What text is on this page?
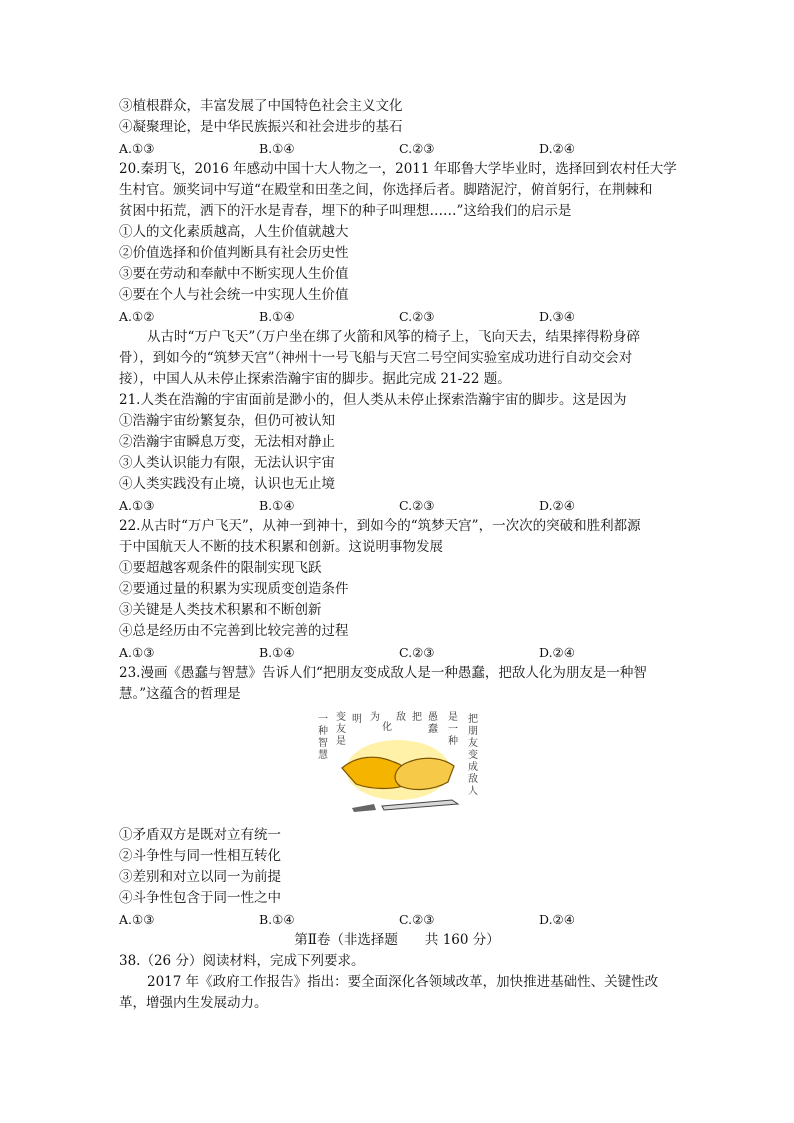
③植根群众，丰富发展了中国特色社会主义文化
④凝聚理论，是中华民族振兴和社会进步的基石
A.①③	B.①④	C.②③	D.②④
20.秦玥飞，2016 年感动中国十大人物之一，2011 年耶鲁大学毕业时，选择回到农村任大学
生村官。颁奖词中写道“在殿堂和田垄之间，你选择后者。脚踏泥泞，俯首躬行，在荆棘和
贫困中拓荒，洒下的汗水是青春，埋下的种子叫理想……”这给我们的启示是
①人的文化素质越高，人生价值就越大
②价值选择和价值判断具有社会历史性
③要在劳动和奉献中不断实现人生价值
④要在个人与社会统一中实现人生价值
A.①②	B.①④	C.②③	D.③④
从古时“万户飞天”（万户坐在绑了火箭和风筝的椅子上，飞向天去，结果摔得粉身碎
骨），到如今的“筑梦天宫”（神州十一号飞船与天宫二号空间实验室成功进行自动交会对
接），中国人从未停止探索浩瀚宇宙的脚步。据此完成 21-22 题。
21.人类在浩瀚的宇宙面前是渺小的，但人类从未停止探索浩瀚宇宙的脚步。这是因为
①浩瀚宇宙纷繁复杂，但仍可被认知
②浩瀚宇宙瞬息万变，无法相对静止
③人类认识能力有限，无法认识宇宙
④人类实践没有止境，认识也无止境
A.①③	B.①④	C.②③	D.②④
22.从古时“万户飞天”，从神一到神十，到如今的“筑梦天宫”，一次次的突破和胜利都源
于中国航天人不断的技术积累和创新。这说明事物发展
①要超越客观条件的限制实现飞跃
②要通过量的积累为实现质变创造条件
③关键是人类技术积累和不断创新
④总是经历由不完善到比较完善的过程
A.①③	B.①④	C.②③	D.②④
23.漫画《愚蠢与智慧》告诉人们“把朋友变成敌人是一种愚蠢，把敌人化为朋友是一种智
慧。”这蕴含的哲理是
一
种
智
慧
变
友
是
明 为
化
敌 把 愚
蠢
是
一
种
把
朋
友
变
成
敌
人
①矛盾双方是既对立有统一
②斗争性与同一性相互转化
③差别和对立以同一为前提
④斗争性包含于同一性之中
A.①③	B.①④	C.②③	D.②④
第Ⅱ卷（非选择题　　共 160 分）
38.（26 分）阅读材料，完成下列要求。
2017 年《政府工作报告》指出：要全面深化各领域改革，加快推进基础性、关键性改
革，增强内生发展动力。
